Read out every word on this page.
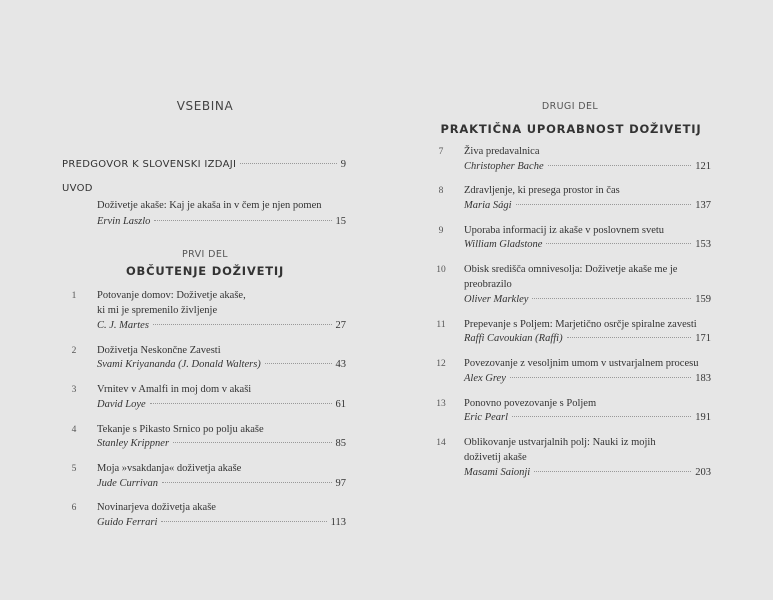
VSEBINA
PREDGOVOR K SLOVENSKI IZDAJI	9
UVOD
Doživetje akaše: Kaj je akaša in v čem je njen pomen
Ervin Laszlo	15
PRVI DEL
OBČUTENJE DOŽIVETIJ
1	Potovanje domov: Doživetje akaše,
ki mi je spremenilo življenje
C. J. Martes	27
2	Doživetja Neskončne Zavesti
Svami Kriyananda (J. Donald Walters)	43
3	Vrnitev v Amalfi in moj dom v akaši
David Loye	61
4	Tekanje s Pikasto Srnico po polju akaše
Stanley Krippner	85
5	Moja »vsakdanja« doživetja akaše
Jude Currivan	97
6	Novinarjeva doživetja akaše
Guido Ferrari	113
DRUGI DEL
PRAKTIČNA UPORABNOST DOŽIVETIJ
7	Živa predavalnica
Christopher Bache	121
8	Zdravljenje, ki presega prostor in čas
Maria Sági	137
9	Uporaba informacij iz akaše v poslovnem svetu
William Gladstone	153
10	Obisk središča omnivesolja: Doživetje akaše me je
preobrazilo
Oliver Markley	159
11	Prepevanje s Poljem: Marjetično osrčje spiralne zavesti
Raffi Cavoukian (Raffi)	171
12	Povezovanje z vesoljnim umom v ustvarjalnem procesu
Alex Grey	183
13	Ponovno povezovanje s Poljem
Eric Pearl	191
14	Oblikovanje ustvarjalnih polj: Nauki iz mojih
doživetij akaše
Masami Saionji	203
